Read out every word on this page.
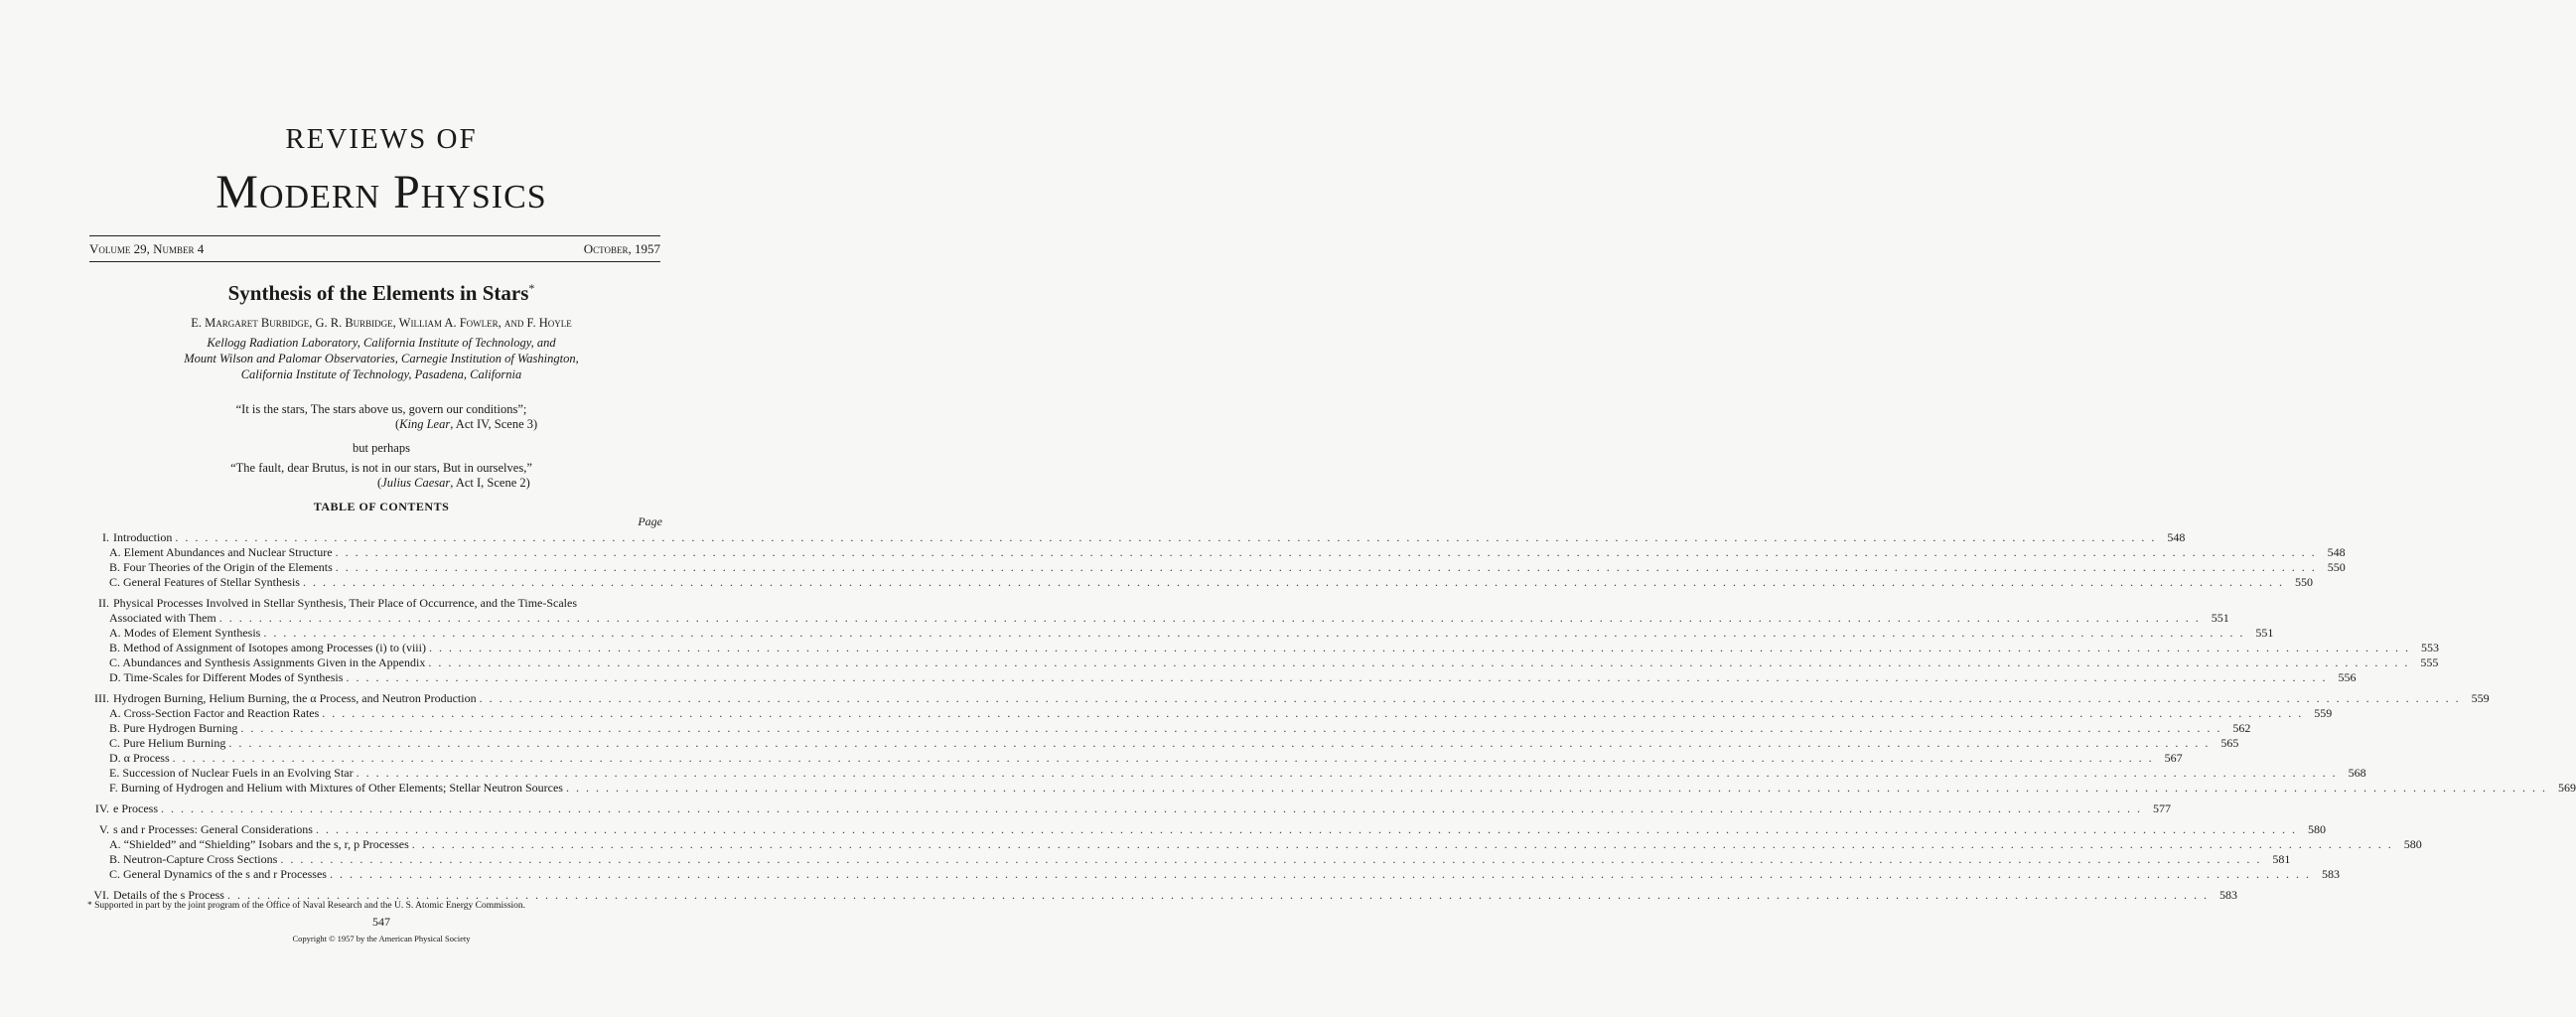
REVIEWS OF
Modern Physics
Volume 29, Number 4	October, 1957
Synthesis of the Elements in Stars*
E. Margaret Burbidge, G. R. Burbidge, William A. Fowler, and F. Hoyle
Kellogg Radiation Laboratory, California Institute of Technology, and
Mount Wilson and Palomar Observatories, Carnegie Institution of Washington,
California Institute of Technology, Pasadena, California
“It is the stars, The stars above us, govern our conditions”;
(King Lear, Act IV, Scene 3)
but perhaps
“The fault, dear Brutus, is not in our stars, But in ourselves,”
(Julius Caesar, Act I, Scene 2)
TABLE OF CONTENTS
Page
I. Introduction . . . . . . . . . . . . . . . . . . . . . . . . . . . . . . . . . . . . . . . . . . . . . . . . . . . . . . . . . . . . . . . . . . . . . . . . . . . . . . . . . . . . . . . . . . . . . . . . . . . . . . . . . . . . . . . . . . . . . . . . . . . . . . . . . . . . . . . . . . . . . . . . . . . . . . . . . . . . . . . . . . . . . . . . . . . . . . . . . . . . . . . . . . . . . . . . . . . . . . . . 548
A. Element Abundances and Nuclear Structure . . . . . . . . . . . . . . . . . . . . . . . . . . . . . . . . . . . . . . . . . . . . . . . . . . . . . . . . . . . . . . . . . . . . . . . . . . . . . . . . . . . . . . . . . . . . . . . . . . . . . . . . . . . . . . . . . . . . . . . . . . . . . . . . . . . . . . . . . . . . . . . . . . . . . . . . . . . . . . . . . . . . . . . . . . . . . . . . . . . . . . . . . . . . . . . . . . . . . . . . 548
B. Four Theories of the Origin of the Elements . . . . . . . . . . . . . . . . . . . . . . . . . . . . . . . . . . . . . . . . . . . . . . . . . . . . . . . . . . . . . . . . . . . . . . . . . . . . . . . . . . . . . . . . . . . . . . . . . . . . . . . . . . . . . . . . . . . . . . . . . . . . . . . . . . . . . . . . . . . . . . . . . . . . . . . . . . . . . . . . . . . . . . . . . . . . . . . . . . . . . . . . . . . . . . . . . . . . . . . . 550
C. General Features of Stellar Synthesis . . . . . . . . . . . . . . . . . . . . . . . . . . . . . . . . . . . . . . . . . . . . . . . . . . . . . . . . . . . . . . . . . . . . . . . . . . . . . . . . . . . . . . . . . . . . . . . . . . . . . . . . . . . . . . . . . . . . . . . . . . . . . . . . . . . . . . . . . . . . . . . . . . . . . . . . . . . . . . . . . . . . . . . . . . . . . . . . . . . . . . . . . . . . . . . . . . . . . . . . 550
II. Physical Processes Involved in Stellar Synthesis, Their Place of Occurrence, and the Time-Scales
Associated with Them . . . . . . . . . . . . . . . . . . . . . . . . . . . . . . . . . . . . . . . . . . . . . . . . . . . . . . . . . . . . . . . . . . . . . . . . . . . . . . . . . . . . . . . . . . . . . . . . . . . . . . . . . . . . . . . . . . . . . . . . . . . . . . . . . . . . . . . . . . . . . . . . . . . . . . . . . . . . . . . . . . . . . . . . . . . . . . . . . . . . . . . . . . . . . . . . . . . . . . . . 551
A. Modes of Element Synthesis . . . . . . . . . . . . . . . . . . . . . . . . . . . . . . . . . . . . . . . . . . . . . . . . . . . . . . . . . . . . . . . . . . . . . . . . . . . . . . . . . . . . . . . . . . . . . . . . . . . . . . . . . . . . . . . . . . . . . . . . . . . . . . . . . . . . . . . . . . . . . . . . . . . . . . . . . . . . . . . . . . . . . . . . . . . . . . . . . . . . . . . . . . . . . . . . . . . . . . . . 551
B. Method of Assignment of Isotopes among Processes (i) to (viii) . . . . . . . . . . . . . . . . . . . . . . . . . . . . . . . . . . . . . . . . . . . . . . . . . . . . . . . . . . . . . . . . . . . . . . . . . . . . . . . . . . . . . . . . . . . . . . . . . . . . . . . . . . . . . . . . . . . . . . . . . . . . . . . . . . . . . . . . . . . . . . . . . . . . . . . . . . . . . . . . . . . . . . . . . . . . . . . . . . . . . . . . . . . . . . . . . . . . . . . . 553
C. Abundances and Synthesis Assignments Given in the Appendix . . . . . . . . . . . . . . . . . . . . . . . . . . . . . . . . . . . . . . . . . . . . . . . . . . . . . . . . . . . . . . . . . . . . . . . . . . . . . . . . . . . . . . . . . . . . . . . . . . . . . . . . . . . . . . . . . . . . . . . . . . . . . . . . . . . . . . . . . . . . . . . . . . . . . . . . . . . . . . . . . . . . . . . . . . . . . . . . . . . . . . . . . . . . . . . . . . . . . . . . 555
D. Time-Scales for Different Modes of Synthesis . . . . . . . . . . . . . . . . . . . . . . . . . . . . . . . . . . . . . . . . . . . . . . . . . . . . . . . . . . . . . . . . . . . . . . . . . . . . . . . . . . . . . . . . . . . . . . . . . . . . . . . . . . . . . . . . . . . . . . . . . . . . . . . . . . . . . . . . . . . . . . . . . . . . . . . . . . . . . . . . . . . . . . . . . . . . . . . . . . . . . . . . . . . . . . . . . . . . . . . . 556
III. Hydrogen Burning, Helium Burning, the α Process, and Neutron Production . . . . . . . . . . . . . . . . . . . . . . . . . . . . . . . . . . . . . . . . . . . . . . . . . . . . . . . . . . . . . . . . . . . . . . . . . . . . . . . . . . . . . . . . . . . . . . . . . . . . . . . . . . . . . . . . . . . . . . . . . . . . . . . . . . . . . . . . . . . . . . . . . . . . . . . . . . . . . . . . . . . . . . . . . . . . . . . . . . . . . . . . . . . . . . . . . . . . . . . . 559
A. Cross-Section Factor and Reaction Rates . . . . . . . . . . . . . . . . . . . . . . . . . . . . . . . . . . . . . . . . . . . . . . . . . . . . . . . . . . . . . . . . . . . . . . . . . . . . . . . . . . . . . . . . . . . . . . . . . . . . . . . . . . . . . . . . . . . . . . . . . . . . . . . . . . . . . . . . . . . . . . . . . . . . . . . . . . . . . . . . . . . . . . . . . . . . . . . . . . . . . . . . . . . . . . . . . . . . . . . . 559
B. Pure Hydrogen Burning . . . . . . . . . . . . . . . . . . . . . . . . . . . . . . . . . . . . . . . . . . . . . . . . . . . . . . . . . . . . . . . . . . . . . . . . . . . . . . . . . . . . . . . . . . . . . . . . . . . . . . . . . . . . . . . . . . . . . . . . . . . . . . . . . . . . . . . . . . . . . . . . . . . . . . . . . . . . . . . . . . . . . . . . . . . . . . . . . . . . . . . . . . . . . . . . . . . . . . . . 562
C. Pure Helium Burning . . . . . . . . . . . . . . . . . . . . . . . . . . . . . . . . . . . . . . . . . . . . . . . . . . . . . . . . . . . . . . . . . . . . . . . . . . . . . . . . . . . . . . . . . . . . . . . . . . . . . . . . . . . . . . . . . . . . . . . . . . . . . . . . . . . . . . . . . . . . . . . . . . . . . . . . . . . . . . . . . . . . . . . . . . . . . . . . . . . . . . . . . . . . . . . . . . . . . . . . 565
D. α Process . . . . . . . . . . . . . . . . . . . . . . . . . . . . . . . . . . . . . . . . . . . . . . . . . . . . . . . . . . . . . . . . . . . . . . . . . . . . . . . . . . . . . . . . . . . . . . . . . . . . . . . . . . . . . . . . . . . . . . . . . . . . . . . . . . . . . . . . . . . . . . . . . . . . . . . . . . . . . . . . . . . . . . . . . . . . . . . . . . . . . . . . . . . . . . . . . . . . . . . . 567
E. Succession of Nuclear Fuels in an Evolving Star . . . . . . . . . . . . . . . . . . . . . . . . . . . . . . . . . . . . . . . . . . . . . . . . . . . . . . . . . . . . . . . . . . . . . . . . . . . . . . . . . . . . . . . . . . . . . . . . . . . . . . . . . . . . . . . . . . . . . . . . . . . . . . . . . . . . . . . . . . . . . . . . . . . . . . . . . . . . . . . . . . . . . . . . . . . . . . . . . . . . . . . . . . . . . . . . . . . . . . . . 568
F. Burning of Hydrogen and Helium with Mixtures of Other Elements; Stellar Neutron Sources . . . . . . . . . . . . . . . . . . . . . . . . . . . . . . . . . . . . . . . . . . . . . . . . . . . . . . . . . . . . . . . . . . . . . . . . . . . . . . . . . . . . . . . . . . . . . . . . . . . . . . . . . . . . . . . . . . . . . . . . . . . . . . . . . . . . . . . . . . . . . . . . . . . . . . . . . . . . . . . . . . . . . . . . . . . . . . . . . . . . . . . . . . . . . . . . . . . . . . . . 569
IV. e Process . . . . . . . . . . . . . . . . . . . . . . . . . . . . . . . . . . . . . . . . . . . . . . . . . . . . . . . . . . . . . . . . . . . . . . . . . . . . . . . . . . . . . . . . . . . . . . . . . . . . . . . . . . . . . . . . . . . . . . . . . . . . . . . . . . . . . . . . . . . . . . . . . . . . . . . . . . . . . . . . . . . . . . . . . . . . . . . . . . . . . . . . . . . . . . . . . . . . . . . . 577
V. s and r Processes: General Considerations . . . . . . . . . . . . . . . . . . . . . . . . . . . . . . . . . . . . . . . . . . . . . . . . . . . . . . . . . . . . . . . . . . . . . . . . . . . . . . . . . . . . . . . . . . . . . . . . . . . . . . . . . . . . . . . . . . . . . . . . . . . . . . . . . . . . . . . . . . . . . . . . . . . . . . . . . . . . . . . . . . . . . . . . . . . . . . . . . . . . . . . . . . . . . . . . . . . . . . . . 580
A. “Shielded” and “Shielding” Isobars and the s, r, p Processes . . . . . . . . . . . . . . . . . . . . . . . . . . . . . . . . . . . . . . . . . . . . . . . . . . . . . . . . . . . . . . . . . . . . . . . . . . . . . . . . . . . . . . . . . . . . . . . . . . . . . . . . . . . . . . . . . . . . . . . . . . . . . . . . . . . . . . . . . . . . . . . . . . . . . . . . . . . . . . . . . . . . . . . . . . . . . . . . . . . . . . . . . . . . . . . . . . . . . . . . 580
B. Neutron-Capture Cross Sections . . . . . . . . . . . . . . . . . . . . . . . . . . . . . . . . . . . . . . . . . . . . . . . . . . . . . . . . . . . . . . . . . . . . . . . . . . . . . . . . . . . . . . . . . . . . . . . . . . . . . . . . . . . . . . . . . . . . . . . . . . . . . . . . . . . . . . . . . . . . . . . . . . . . . . . . . . . . . . . . . . . . . . . . . . . . . . . . . . . . . . . . . . . . . . . . . . . . . . . . 581
C. General Dynamics of the s and r Processes . . . . . . . . . . . . . . . . . . . . . . . . . . . . . . . . . . . . . . . . . . . . . . . . . . . . . . . . . . . . . . . . . . . . . . . . . . . . . . . . . . . . . . . . . . . . . . . . . . . . . . . . . . . . . . . . . . . . . . . . . . . . . . . . . . . . . . . . . . . . . . . . . . . . . . . . . . . . . . . . . . . . . . . . . . . . . . . . . . . . . . . . . . . . . . . . . . . . . . . . 583
VI. Details of the s Process . . . . . . . . . . . . . . . . . . . . . . . . . . . . . . . . . . . . . . . . . . . . . . . . . . . . . . . . . . . . . . . . . . . . . . . . . . . . . . . . . . . . . . . . . . . . . . . . . . . . . . . . . . . . . . . . . . . . . . . . . . . . . . . . . . . . . . . . . . . . . . . . . . . . . . . . . . . . . . . . . . . . . . . . . . . . . . . . . . . . . . . . . . . . . . . . . . . . . . . . 583
* Supported in part by the joint program of the Office of Naval Research and the U. S. Atomic Energy Commission.
547
Copyright © 1957 by the American Physical Society
